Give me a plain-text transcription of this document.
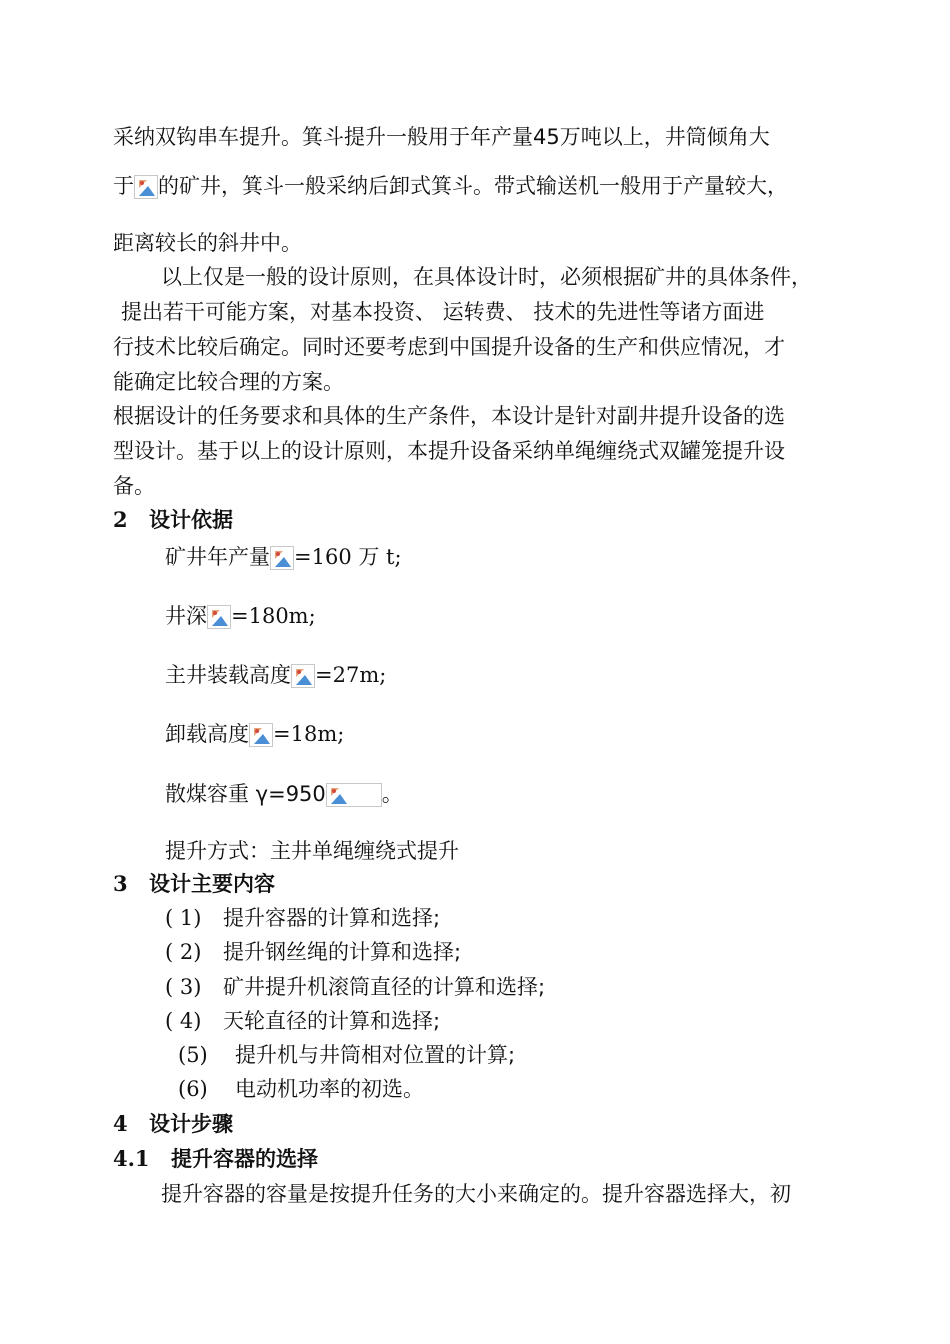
采纳双钩串车提升。箕斗提升一般用于年产量45万吨以上，井筒倾角大
于 的矿井，箕斗一般采纳后卸式箕斗。带式输送机一般用于产量较大，
距离较长的斜井中。
以上仅是一般的设计原则，在具体设计时，必须根据矿井的具体条件，
提出若干可能方案，对基本投资、 运转费、 技术的先进性等诸方面进
行技术比较后确定。同时还要考虑到中国提升设备的生产和供应情况，才
能确定比较合理的方案。
根据设计的任务要求和具体的生产条件，本设计是针对副井提升设备的选
型设计。基于以上的设计原则，本提升设备采纳单绳缠绕式双罐笼提升设
备。
2 设计依据
矿井年产量 =160 万 t;
井深 =180m;
主井装载高度 =27m;
卸载高度 =18m;
散煤容重 γ=950	。
提升方式：主井单绳缠绕式提升
3 设计主要内容
( 1) 提升容器的计算和选择;
( 2) 提升钢丝绳的计算和选择;
( 3) 矿井提升机滚筒直径的计算和选择;
( 4) 天轮直径的计算和选择;
(5) 提升机与井筒相对位置的计算;
(6) 电动机功率的初选。
4 设计步骤
4.1 提升容器的选择
提升容器的容量是按提升任务的大小来确定的。提升容器选择大，初
